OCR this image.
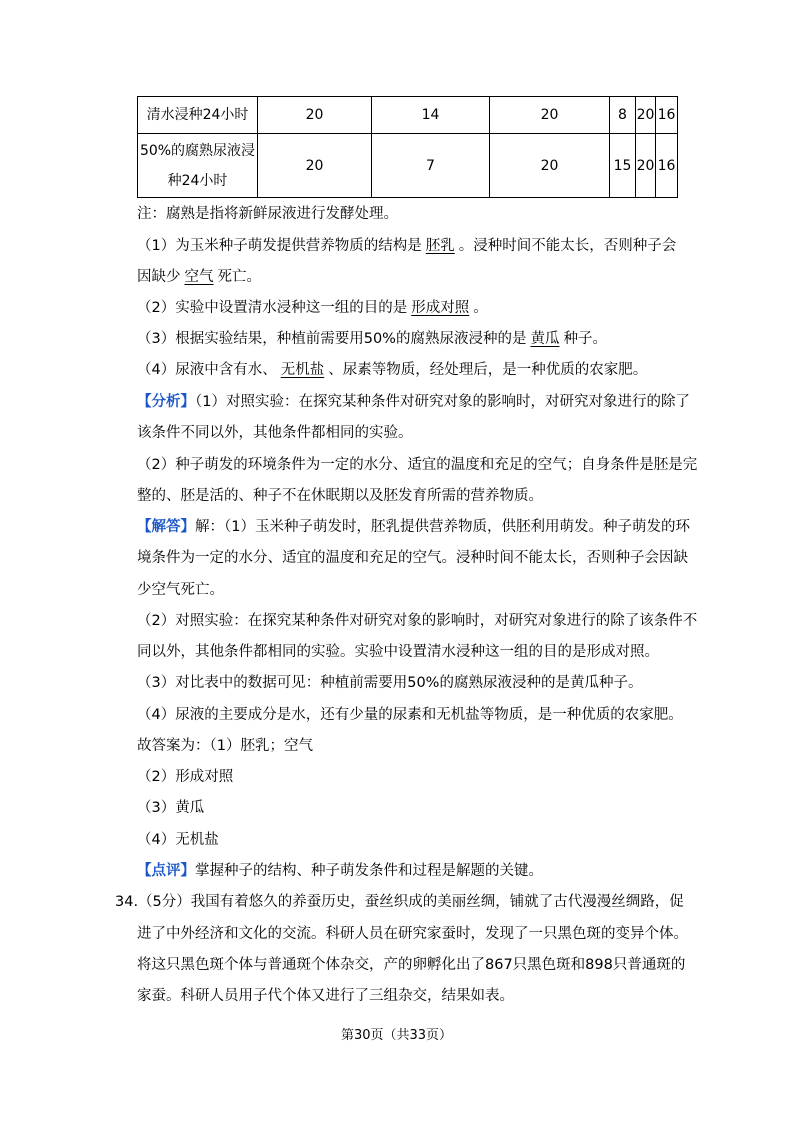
清水浸种24小时	20	14	20	8	20	16

50%的腐熟尿液浸
种24小时	20	7	20	15	20	16
注：腐熟是指将新鲜尿液进行发酵处理。
（1）为玉米种子萌发提供营养物质的结构是 胚乳 。浸种时间不能太长，否则种子会
因缺少 空气 死亡。
（2）实验中设置清水浸种这一组的目的是 形成对照 。
（3）根据实验结果，种植前需要用50%的腐熟尿液浸种的是 黄瓜 种子。
（4）尿液中含有水、 无机盐 、尿素等物质，经处理后，是一种优质的农家肥。
【分析】（1）对照实验：在探究某种条件对研究对象的影响时，对研究对象进行的除了
该条件不同以外，其他条件都相同的实验。
（2）种子萌发的环境条件为一定的水分、适宜的温度和充足的空气；自身条件是胚是完
整的、胚是活的、种子不在休眠期以及胚发育所需的营养物质。
【解答】解：（1）玉米种子萌发时，胚乳提供营养物质，供胚利用萌发。种子萌发的环
境条件为一定的水分、适宜的温度和充足的空气。浸种时间不能太长，否则种子会因缺
少空气死亡。
（2）对照实验：在探究某种条件对研究对象的影响时，对研究对象进行的除了该条件不
同以外，其他条件都相同的实验。实验中设置清水浸种这一组的目的是形成对照。
（3）对比表中的数据可见：种植前需要用50%的腐熟尿液浸种的是黄瓜种子。
（4）尿液的主要成分是水，还有少量的尿素和无机盐等物质，是一种优质的农家肥。
故答案为：（1）胚乳；空气
（2）形成对照
（3）黄瓜
（4）无机盐
【点评】掌握种子的结构、种子萌发条件和过程是解题的关键。
34.（5分）我国有着悠久的养蚕历史，蚕丝织成的美丽丝绸，铺就了古代漫漫丝绸路，促
进了中外经济和文化的交流。科研人员在研究家蚕时，发现了一只黑色斑的变异个体。
将这只黑色斑个体与普通斑个体杂交，产的卵孵化出了867只黑色斑和898只普通斑的
家蚕。科研人员用子代个体又进行了三组杂交，结果如表。
第30页（共33页）
